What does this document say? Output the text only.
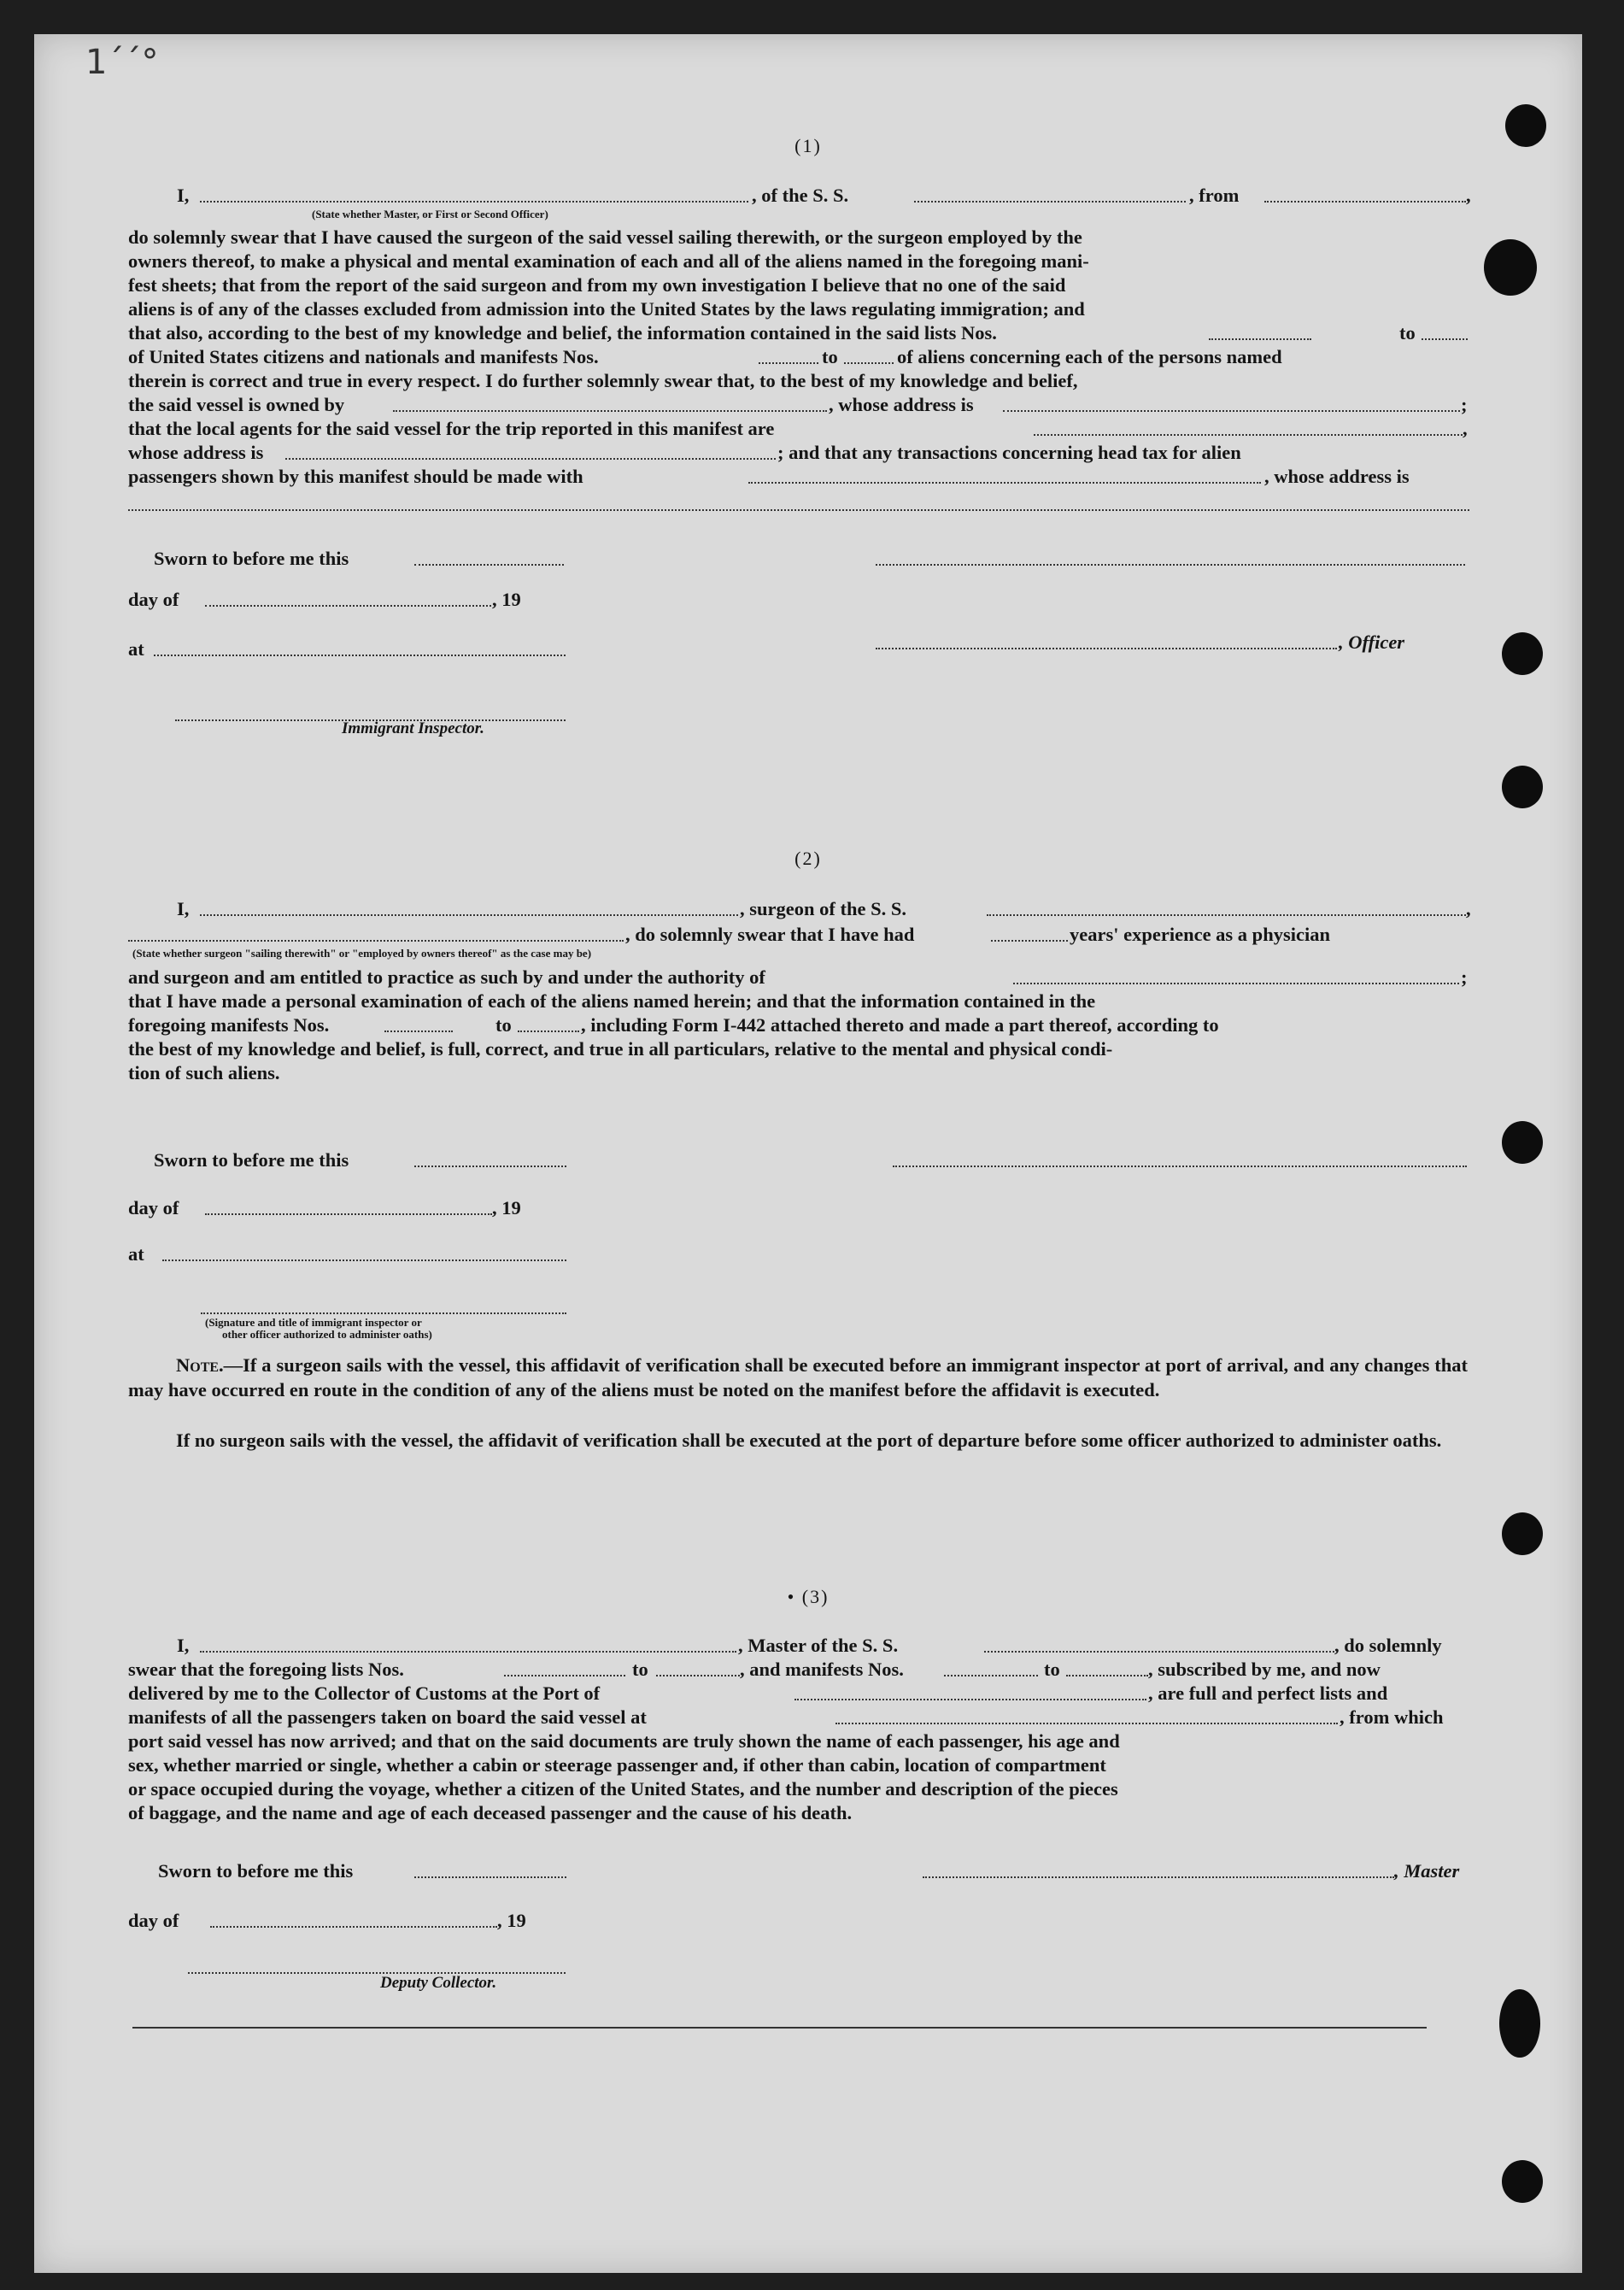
1´´°
(1)
I,	, of the S. S.	, from	,
(State whether Master, or First or Second Officer)
do solemnly swear that I have caused the surgeon of the said vessel sailing therewith, or the surgeon employed by the
owners thereof, to make a physical and mental examination of each and all of the aliens named in the foregoing mani-
fest sheets; that from the report of the said surgeon and from my own investigation I believe that no one of the said
aliens is of any of the classes excluded from admission into the United States by the laws regulating immigration; and
that also, according to the best of my knowledge and belief, the information contained in the said lists Nos.	to
of United States citizens and nationals and manifests Nos.	to	of aliens concerning each of the persons named
therein is correct and true in every respect. I do further solemnly swear that, to the best of my knowledge and belief,
the said vessel is owned by	, whose address is	;
that the local agents for the said vessel for the trip reported in this manifest are	,
whose address is	; and that any transactions concerning head tax for alien
passengers shown by this manifest should be made with	, whose address is
Sworn to before me this
day of	, 19
, Officer
at
Immigrant Inspector.
(2)
I,	, surgeon of the S. S.	,
, do solemnly swear that I have had	years' experience as a physician
(State whether surgeon "sailing therewith" or "employed by owners thereof" as the case may be)
and surgeon and am entitled to practice as such by and under the authority of	;
that I have made a personal examination of each of the aliens named herein; and that the information contained in the
foregoing manifests Nos.	to	, including Form I-442 attached thereto and made a part thereof, according to
the best of my knowledge and belief, is full, correct, and true in all particulars, relative to the mental and physical condi-
tion of such aliens.
Sworn to before me this
day of	, 19
at
(Signature and title of immigrant inspector or
other officer authorized to administer oaths)
Note.—If a surgeon sails with the vessel, this affidavit of verification shall be executed before an immigrant inspector at port of arrival, and any changes that may have occurred en route in the condition of any of the aliens must be noted on the manifest before the affidavit is executed.
If no surgeon sails with the vessel, the affidavit of verification shall be executed at the port of departure before some officer authorized to administer oaths.
• (3)
I,	, Master of the S. S.	, do solemnly
swear that the foregoing lists Nos.	to	, and manifests Nos.	to	, subscribed by me, and now
delivered by me to the Collector of Customs at the Port of	, are full and perfect lists and
manifests of all the passengers taken on board the said vessel at	, from which
port said vessel has now arrived; and that on the said documents are truly shown the name of each passenger, his age and
sex, whether married or single, whether a cabin or steerage passenger and, if other than cabin, location of compartment
or space occupied during the voyage, whether a citizen of the United States, and the number and description of the pieces
of baggage, and the name and age of each deceased passenger and the cause of his death.
Sworn to before me this	, Master
day of	, 19
Deputy Collector.
